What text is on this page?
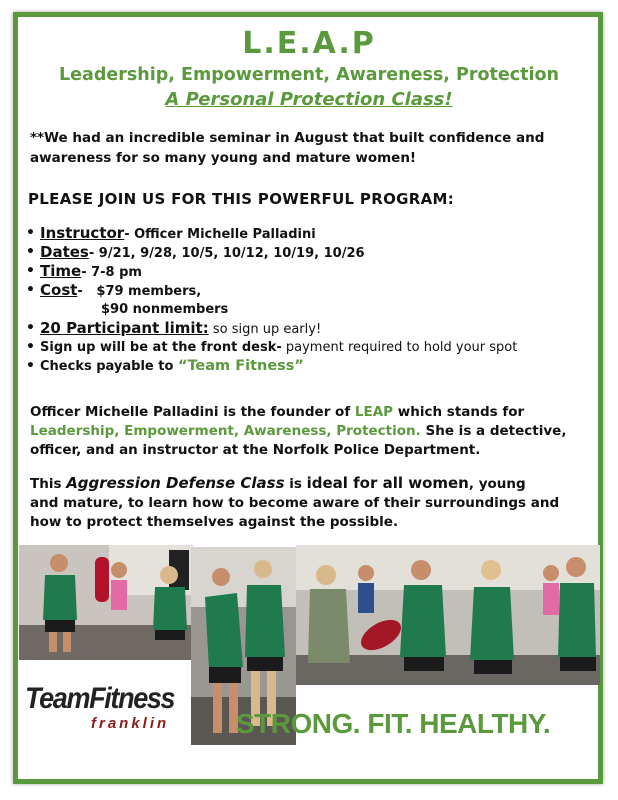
L.E.A.P
Leadership, Empowerment, Awareness, Protection
A Personal Protection Class!
**We had an incredible seminar in August that built confidence and
awareness for so many young and mature women!
PLEASE JOIN US FOR THIS POWERFUL PROGRAM:
• Instructor- Officer Michelle Palladini
• Dates- 9/21, 9/28, 10/5, 10/12, 10/19, 10/26
• Time- 7-8 pm
• Cost-   $79 members,
$90 nonmembers
• 20 Participant limit: so sign up early!
• Sign up will be at the front desk- payment required to hold your spot
• Checks payable to “Team Fitness”
Officer Michelle Palladini is the founder of LEAP which stands for
Leadership, Empowerment, Awareness, Protection. She is a detective,
officer, and an instructor at the Norfolk Police Department.
This Aggression Defense Class is ideal for all women, young
and mature, to learn how to become aware of their surroundings and
how to protect themselves against the possible.
TeamFitness
franklin STRONG. FIT. HEALTHY.
